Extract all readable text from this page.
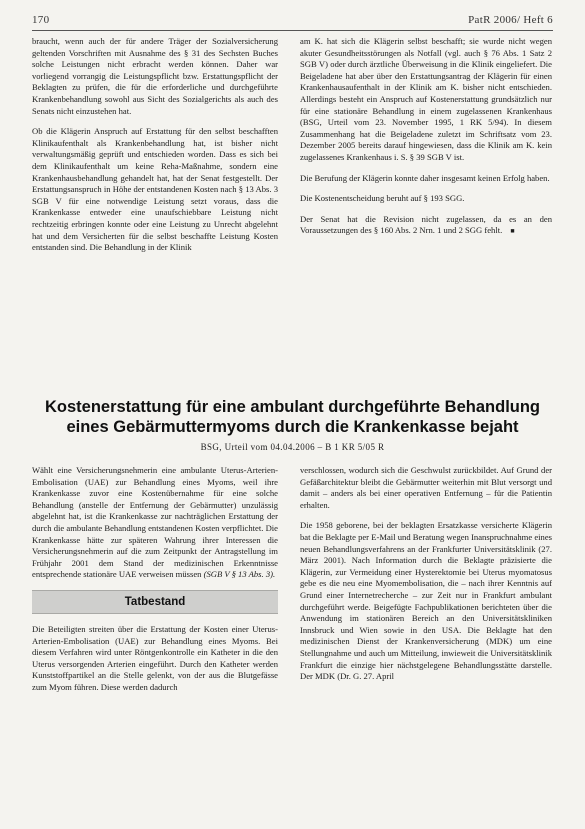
170	PatR 2006/ Heft 6

braucht, wenn auch der für andere Träger der Sozialversicherung geltenden Vorschriften mit Ausnahme des § 31 des Sechsten Buches solche Leistungen nicht erbracht werden können. Daher war vorliegend vorrangig die Leistungspflicht bzw. Erstattungspflicht der Beklagten zu prüfen, die für die erforderliche und durchgeführte Krankenbehandlung sowohl aus Sicht des Sozialgerichts als auch des Senats nicht einzustehen hat.

Ob die Klägerin Anspruch auf Erstattung für den selbst beschafften Klinikaufenthalt als Krankenbehandlung hat, ist bisher nicht verwaltungsmäßig geprüft und entschieden worden. Dass es sich bei dem Klinikaufenthalt um keine Reha-Maßnahme, sondern eine Krankenhausbehandlung gehandelt hat, hat der Senat festgestellt. Der Erstattungsanspruch in Höhe der entstandenen Kosten nach § 13 Abs. 3 SGB V für eine notwendige Leistung setzt voraus, dass die Krankenkasse entweder eine unaufschiebbare Leistung nicht rechtzeitig erbringen konnte oder eine Leistung zu Unrecht abgelehnt hat und dem Versicherten für die selbst beschaffte Leistung Kosten entstanden sind. Die Behandlung in der Klinik

am K. hat sich die Klägerin selbst beschafft; sie wurde nicht wegen akuter Gesundheitsstörungen als Notfall (vgl. auch § 76 Abs. 1 Satz 2 SGB V) oder durch ärztliche Überweisung in die Klinik eingeliefert. Die Beigeladene hat aber über den Erstattungsantrag der Klägerin für einen Krankenhausaufenthalt in der Klinik am K. bisher nicht entschieden. Allerdings besteht ein Anspruch auf Kostenerstattung grundsätzlich nur für eine stationäre Behandlung in einem zugelassenen Krankenhaus (BSG, Urteil vom 23. November 1995, 1 RK 5/94). In diesem Zusammenhang hat die Beigeladene zuletzt im Schriftsatz vom 23. Dezember 2005 bereits darauf hingewiesen, dass die Klinik am K. kein zugelassenes Krankenhaus i. S. § 39 SGB V ist.

Die Berufung der Klägerin konnte daher insgesamt keinen Erfolg haben.

Die Kostenentscheidung beruht auf § 193 SGG.

Der Senat hat die Revision nicht zugelassen, da es an den Voraussetzungen des § 160 Abs. 2 Nrn. 1 und 2 SGG fehlt. ■

Kostenerstattung für eine ambulant durchgeführte Behandlung eines Gebärmuttermyoms durch die Krankenkasse bejaht
BSG, Urteil vom 04.04.2006 – B 1 KR 5/05 R

Wählt eine Versicherungsnehmerin eine ambulante Uterus-Arterien-Embolisation (UAE) zur Behandlung eines Myoms, weil ihre Krankenkasse zuvor eine Kostenübernahme für eine solche Behandlung (anstelle der Entfernung der Gebärmutter) unzulässig abgelehnt hat, ist die Krankenkasse zur nachträglichen Erstattung der durch die ambulante Behandlung entstandenen Kosten verpflichtet. Die Krankenkasse hätte zur späteren Wahrung ihrer Interessen die Versicherungsnehmerin auf die zum Zeitpunkt der Antragstellung im Frühjahr 2001 dem Stand der medizinischen Erkenntnisse entsprechende stationäre UAE verweisen müssen (SGB V § 13 Abs. 3).

Tatbestand

Die Beteiligten streiten über die Erstattung der Kosten einer Uterus-Arterien-Embolisation (UAE) zur Behandlung eines Myoms. Bei diesem Verfahren wird unter Röntgenkontrolle ein Katheter in die den Uterus versorgenden Arterien eingeführt. Durch den Katheter werden Kunststoffpartikel an die Stelle gelenkt, von der aus die Blutgefässe zum Myom führen. Diese werden dadurch

verschlossen, wodurch sich die Geschwulst zurückbildet. Auf Grund der Gefäßarchitektur bleibt die Gebärmutter weiterhin mit Blut versorgt und damit – anders als bei einer operativen Entfernung – für die Patientin erhalten.

Die 1958 geborene, bei der beklagten Ersatzkasse versicherte Klägerin bat die Beklagte per E-Mail und Beratung wegen Inanspruchnahme eines neuen Behandlungsverfahrens an der Frankfurter Universitätsklinik (27. März 2001). Nach Information durch die Beklagte präzisierte die Klägerin, zur Vermeidung einer Hysterektomie bei Uterus myomatosus gebe es die neu eine Myomembolisation, die – nach ihrer Kenntnis auf Grund einer Internetrecherche – zur Zeit nur in Frankfurt ambulant durchgeführt werde. Beigefügte Fachpublikationen berichteten über die Anwendung im stationären Bereich an den Universitätskliniken Innsbruck und Wien sowie in den USA. Die Beklagte hat den medizinischen Dienst der Krankenversicherung (MDK) um eine Stellungnahme und auch um Mitteilung, inwieweit die Universitätsklinik Frankfurt die einzige hier nächstgelegene Behandlungsstätte darstelle. Der MDK (Dr. G. 27. April
